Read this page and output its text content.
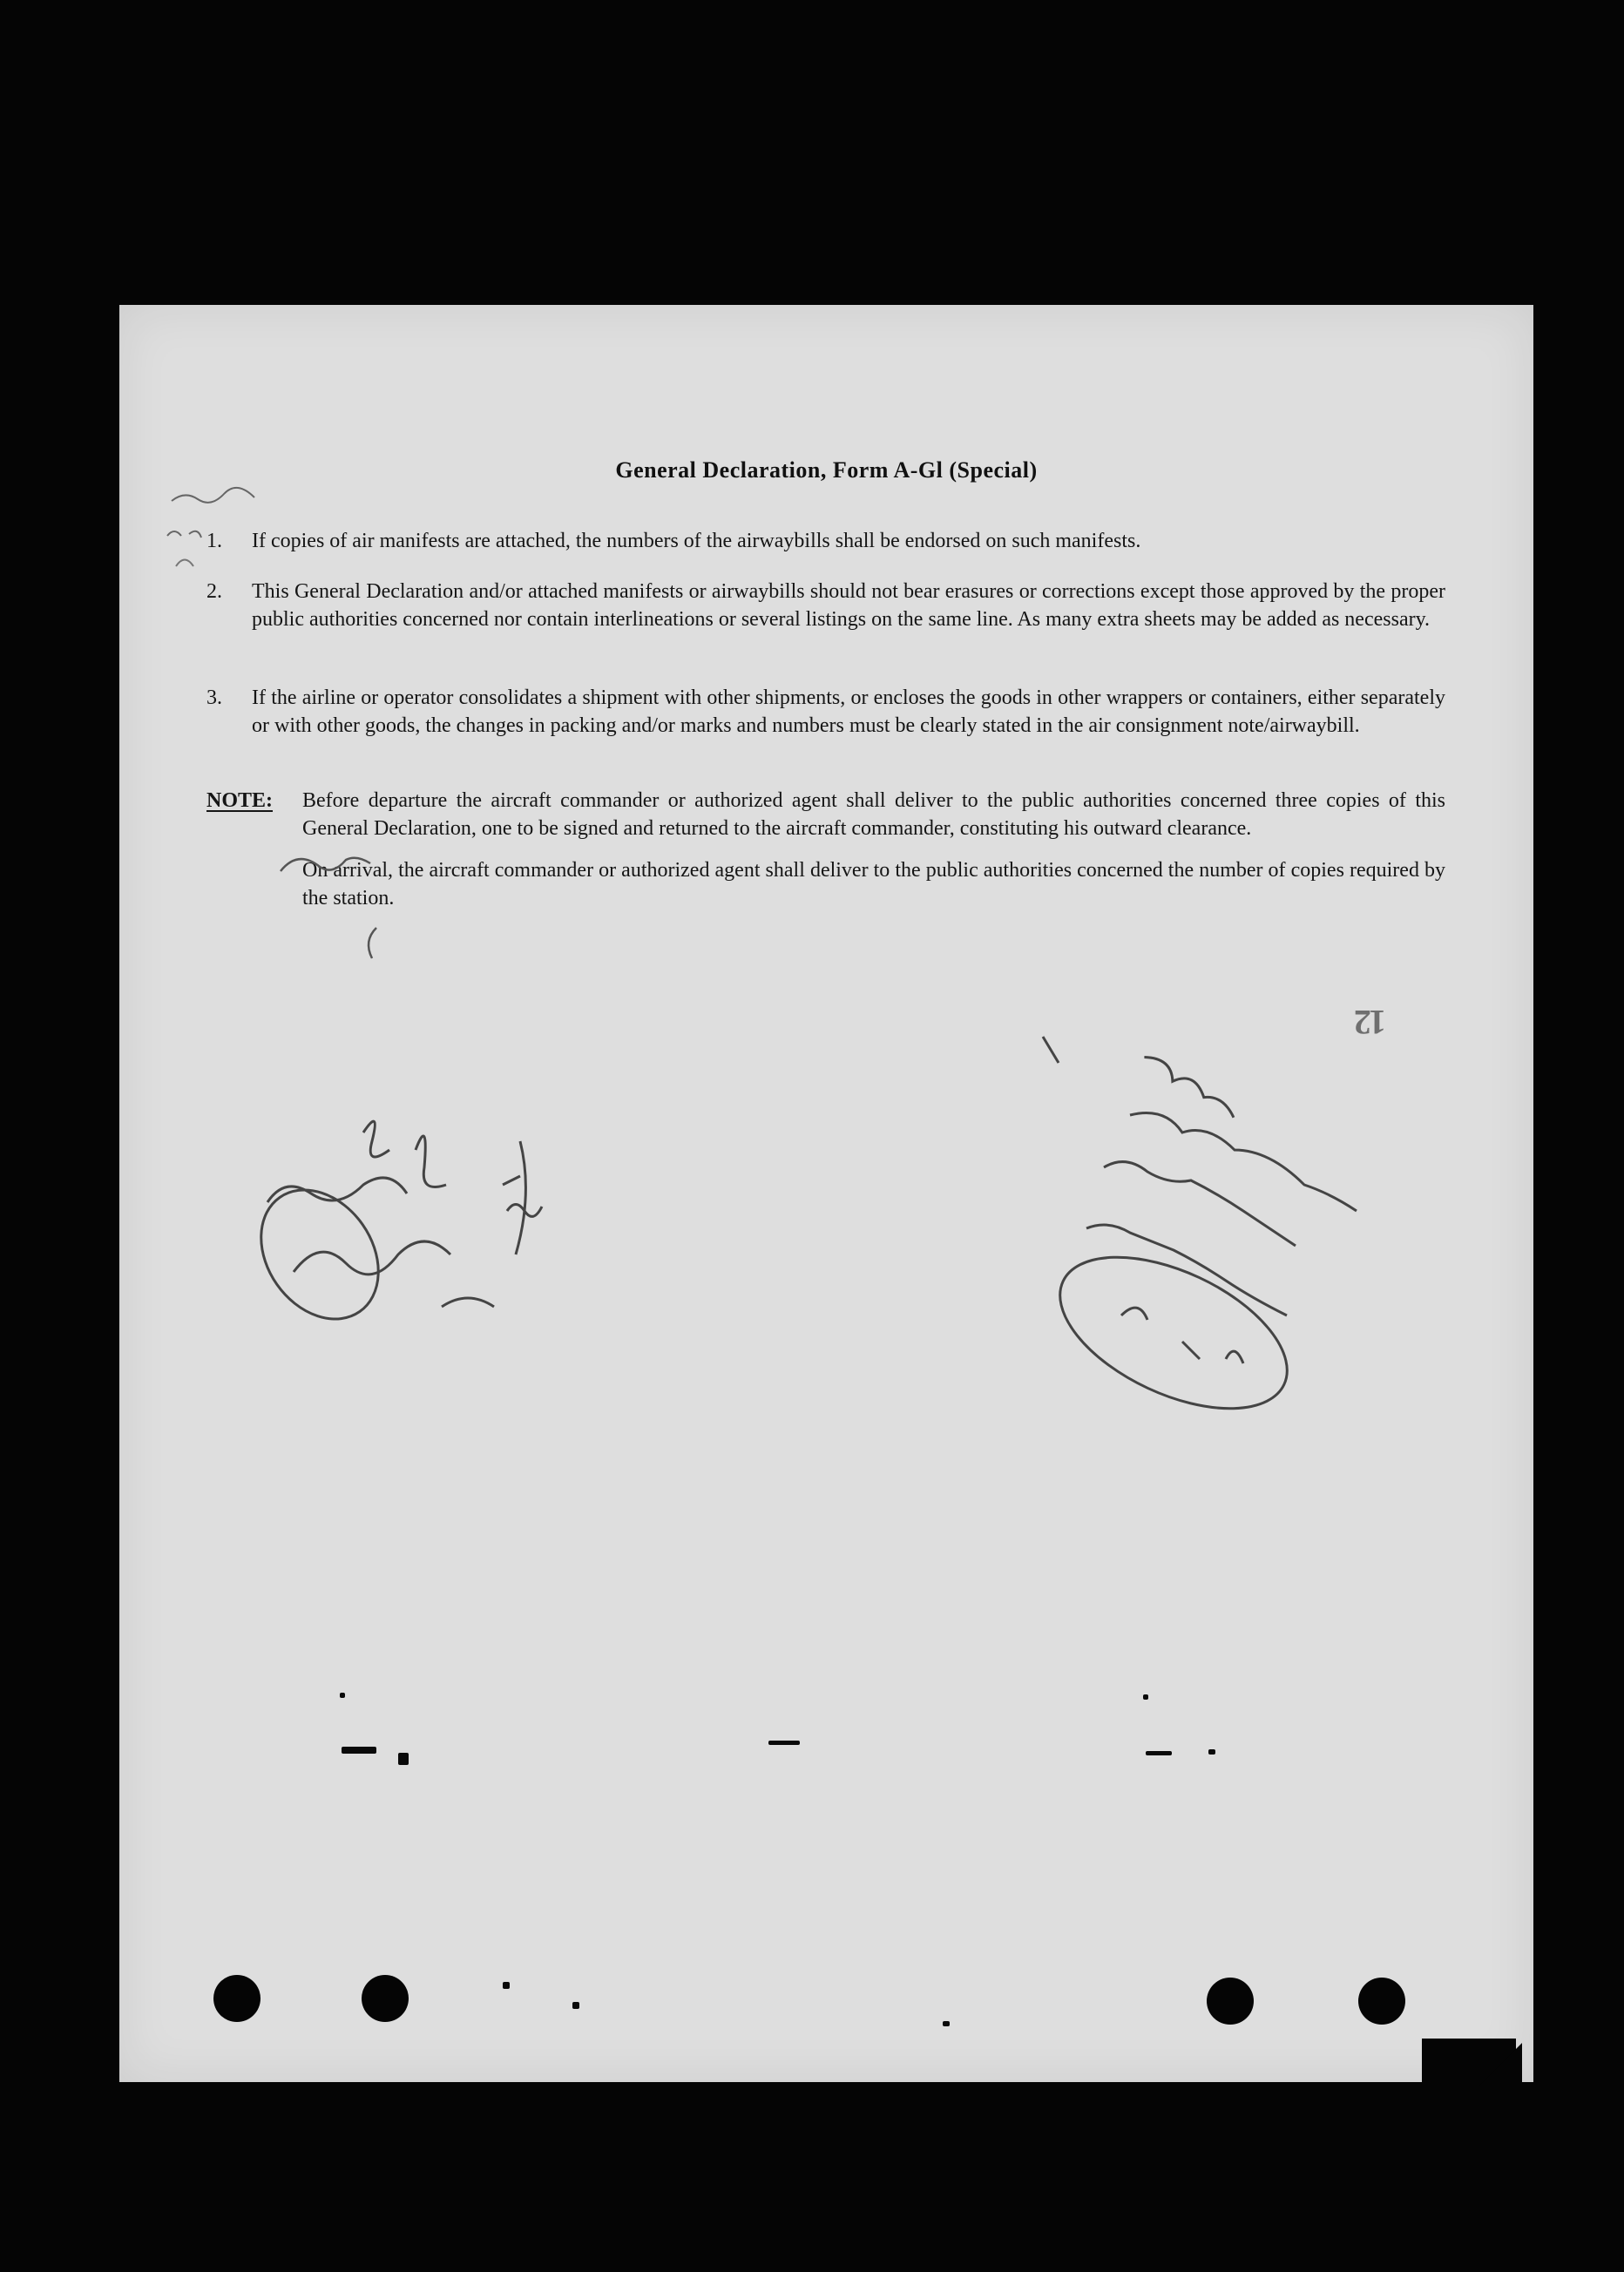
General Declaration, Form A-Gl (Special)
1.	If copies of air manifests are attached, the numbers of the airwaybills shall be endorsed on such manifests.
2.	This General Declaration and/or attached manifests or airwaybills should not bear erasures or corrections except those approved by the proper public authorities concerned nor contain interlineations or several listings on the same line. As many extra sheets may be added as necessary.
3.	If the airline or operator consolidates a shipment with other shipments, or encloses the goods in other wrappers or containers, either separately or with other goods, the changes in packing and/or marks and numbers must be clearly stated in the air consignment note/airwaybill.
NOTE: Before departure the aircraft commander or authorized agent shall deliver to the public authorities concerned three copies of this General Declaration, one to be signed and returned to the aircraft commander, constituting his outward clearance.

On arrival, the aircraft commander or authorized agent shall deliver to the public authorities concerned the number of copies required by the station.

12
